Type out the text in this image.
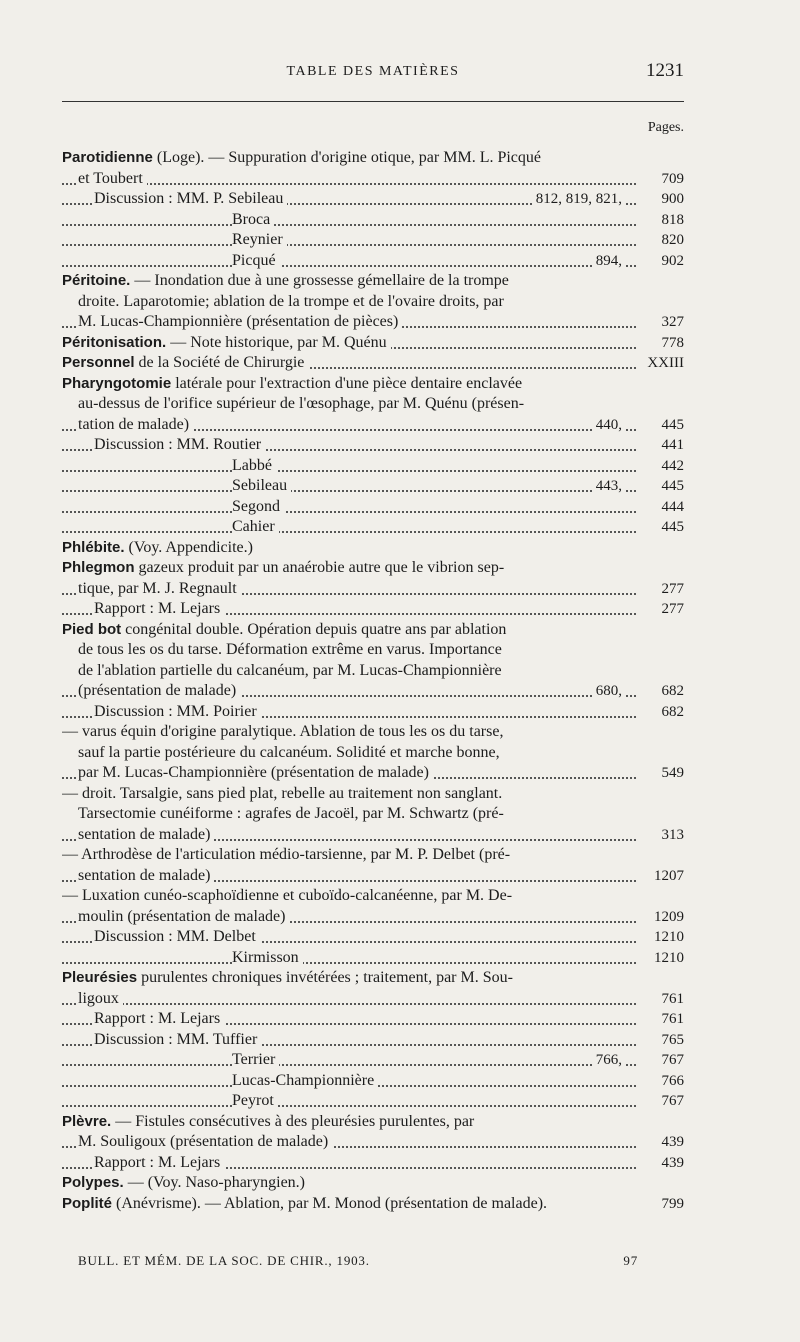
TABLE DES MATIÈRES	1231
Pages.
Parotidienne (Loge). — Suppuration d'origine otique, par MM. L. Picqué
et Toubert	709
Discussion : MM. P. Sebileau	812, 819, 821,	900
Broca	818
Reynier	820
Picqué	894,	902
Péritoine. — Inondation due à une grossesse gémellaire de la trompe
droite. Laparotomie; ablation de la trompe et de l'ovaire droits, par
M. Lucas-Championnière (présentation de pièces)	327
Péritonisation. — Note historique, par M. Quénu	778
Personnel de la Société de Chirurgie	XXIII
Pharyngotomie latérale pour l'extraction d'une pièce dentaire enclavée
au-dessus de l'orifice supérieur de l'œsophage, par M. Quénu (présen-
tation de malade)	440,	445
Discussion : MM. Routier	441
Labbé	442
Sebileau	443,	445
Segond	444
Cahier	445
Phlébite. (Voy. Appendicite.)
Phlegmon gazeux produit par un anaérobie autre que le vibrion sep-
tique, par M. J. Regnault	277
Rapport : M. Lejars	277
Pied bot congénital double. Opération depuis quatre ans par ablation
de tous les os du tarse. Déformation extrême en varus. Importance
de l'ablation partielle du calcanéum, par M. Lucas-Championnière
(présentation de malade)	680,	682
Discussion : MM. Poirier	682
— varus équin d'origine paralytique. Ablation de tous les os du tarse,
sauf la partie postérieure du calcanéum. Solidité et marche bonne,
par M. Lucas-Championnière (présentation de malade)	549
— droit. Tarsalgie, sans pied plat, rebelle au traitement non sanglant.
Tarsectomie cunéiforme : agrafes de Jacoël, par M. Schwartz (pré-
sentation de malade)	313
— Arthrodèse de l'articulation médio-tarsienne, par M. P. Delbet (pré-
sentation de malade)	1207
— Luxation cunéo-scaphoïdienne et cuboïdo-calcanéenne, par M. De-
moulin (présentation de malade)	1209
Discussion : MM. Delbet	1210
Kirmisson	1210
Pleurésies purulentes chroniques invétérées ; traitement, par M. Sou-
ligoux	761
Rapport : M. Lejars	761
Discussion : MM. Tuffier	765
Terrier	766,	767
Lucas-Championnière	766
Peyrot	767
Plèvre. — Fistules consécutives à des pleurésies purulentes, par
M. Souligoux (présentation de malade)	439
Rapport : M. Lejars	439
Polypes. — (Voy. Naso-pharyngien.)
Poplité (Anévrisme). — Ablation, par M. Monod (présentation de malade).	799
BULL. ET MÉM. DE LA SOC. DE CHIR., 1903.	97
